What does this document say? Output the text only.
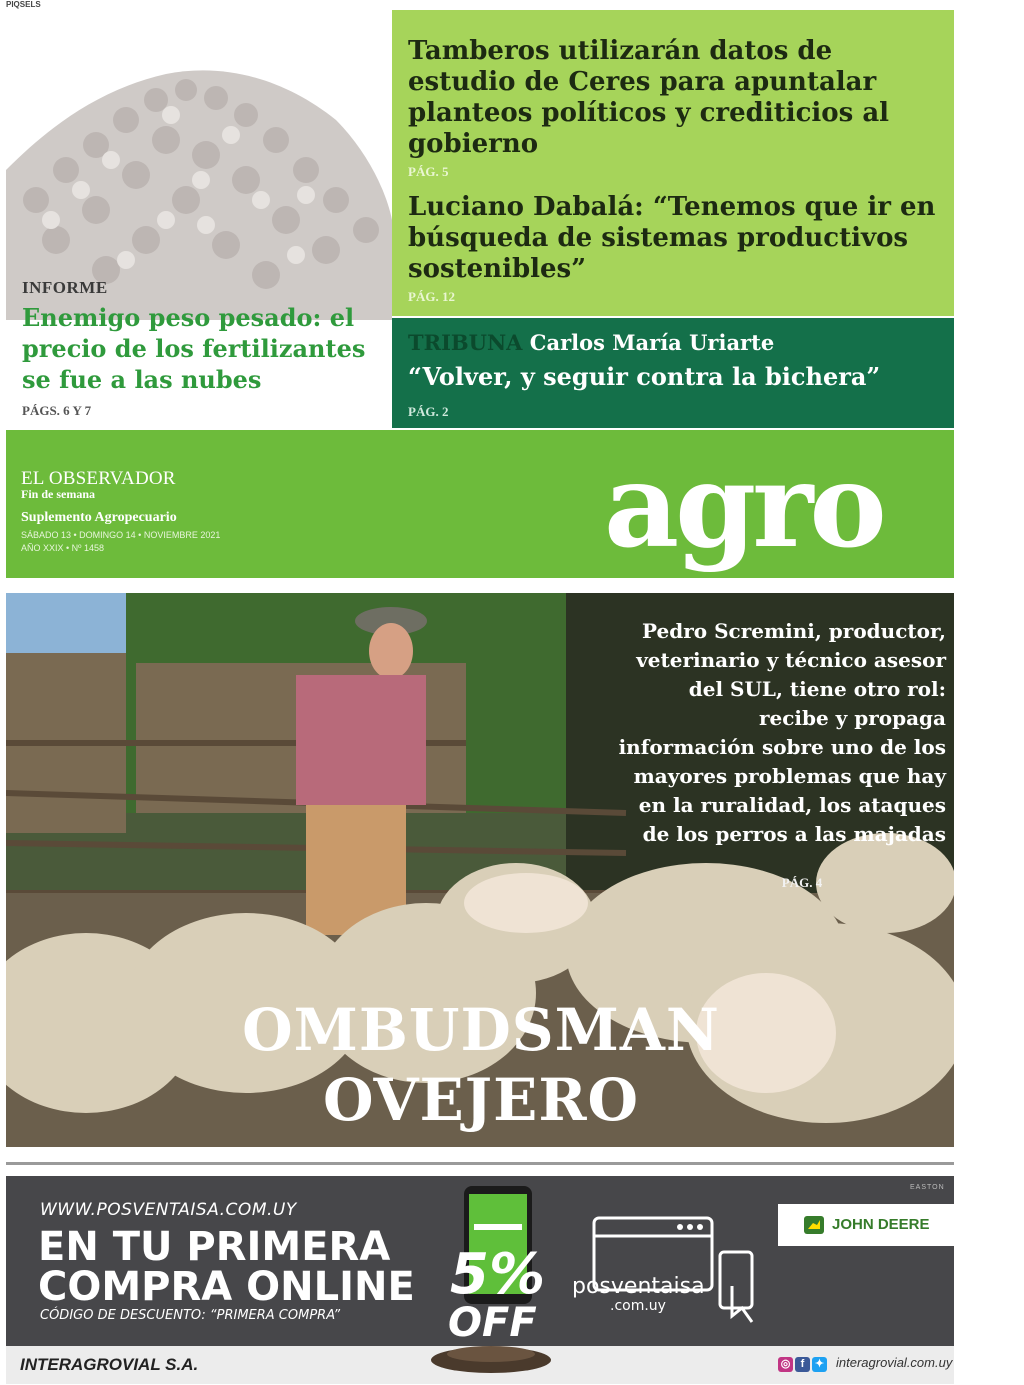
PIQSELS
INFORME
Enemigo peso pesado: el precio de los fertilizantes se fue a las nubes
PÁGS. 6 Y 7
Tamberos utilizarán datos de estudio de Ceres para apuntalar planteos políticos y crediticios al gobierno
PÁG. 5
Luciano Dabalá: “Tenemos que ir en búsqueda de sistemas productivos sostenibles”
PÁG. 12
TRIBUNA Carlos María Uriarte
“Volver, y seguir contra la bichera”
PÁG. 2
EL OBSERVADOR
Fin de semana
Suplemento Agropecuario
SÁBADO 13 • DOMINGO 14 • NOVIEMBRE 2021
AÑO XXIX • Nº 1458	agro
Pedro Scremini, productor, veterinario y técnico asesor del SUL, tiene otro rol: recibe y propaga información sobre uno de los mayores problemas que hay en la ruralidad, los ataques de los perros a las majadas
PÁG. 4
OMBUDSMAN
OVEJERO
EASTON
WWW.POSVENTAISA.COM.UY
EN TU PRIMERA
COMPRA ONLINE
CÓDIGO DE DESCUENTO: “PRIMERA COMPRA”
5%
OFF
posventaisa
.com.uy
JOHN DEERE
INTERAGROVIAL S.A.	◎ f ✦ interagrovial.com.uy
